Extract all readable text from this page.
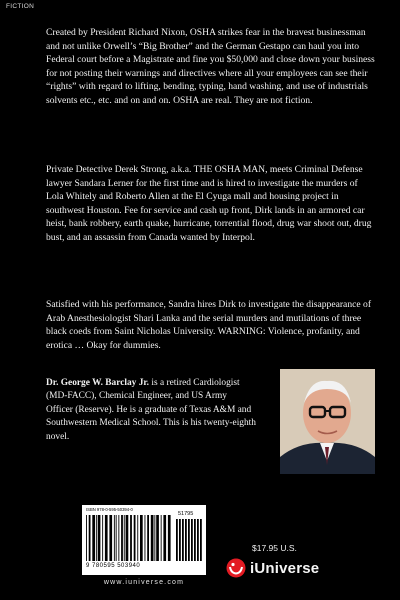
FICTION

Created by President Richard Nixon, OSHA strikes fear in the bravest businessman and not unlike Orwell’s “Big Brother” and the German Gestapo can haul you into Federal court before a Magistrate and fine you $50,000 and close down your business for not posting their warnings and directives where all your employees can see their “rights” with regard to lifting, bending, typing, hand washing, and use of industrials solvents etc., etc. and on and on. OSHA are real. They are not fiction.

Private Detective Derek Strong, a.k.a. THE OSHA MAN, meets Criminal Defense lawyer Sandara Lerner for the first time and is hired to investigate the murders of Lola Whitely and Roberto Allen at the El Cyuga mall and housing project in southwest Houston. Fee for service and cash up front, Dirk lands in an armored car heist, bank robbery, earth quake, hurricane, torrential flood, drug war shoot out, drug bust, and an assassin from Canada wanted by Interpol.

Satisfied with his performance, Sandra hires Dirk to investigate the disappearance of Arab Anesthesiologist Shari Lanka and the serial murders and mutilations of three black coeds from Saint Nicholas University. WARNING: Violence, profanity, and erotica … Okay for dummies.

Dr. George W. Barclay Jr. is a retired Cardiologist (MD-FACC), Chemical Engineer, and US Army Officer (Reserve). He is a graduate of Texas A&M and Southwestern Medical School. This is his twenty-eighth novel.
ISBN 978-0-595-50394-0
51795
9 780595 503940
www.iuniverse.com
$17.95 U.S.
iUniverse
